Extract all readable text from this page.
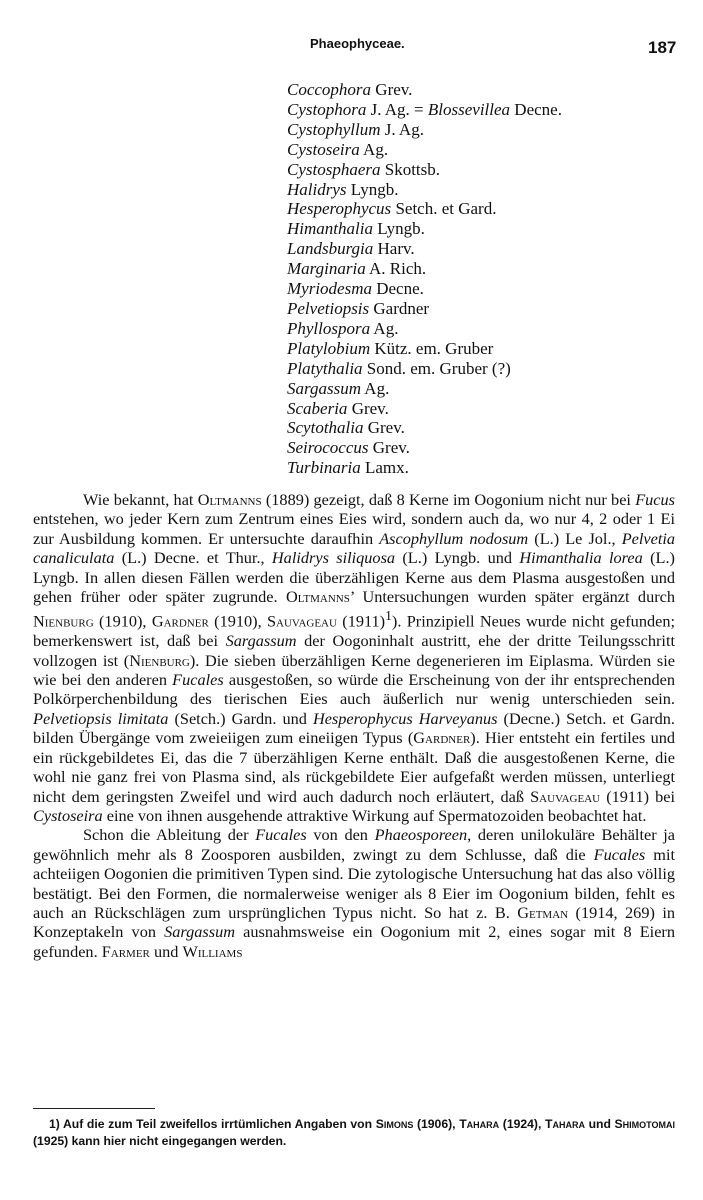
Phaeophyceae.	187
Coccophora Grev.
Cystophora J. Ag. = Blossevillea Decne.
Cystophyllum J. Ag.
Cystoseira Ag.
Cystosphaera Skottsb.
Halidrys Lyngb.
Hesperophycus Setch. et Gard.
Himanthalia Lyngb.
Landsburgia Harv.
Marginaria A. Rich.
Myriodesma Decne.
Pelvetiopsis Gardner
Phyllospora Ag.
Platylobium Kütz. em. Gruber
Platythalia Sond. em. Gruber (?)
Sargassum Ag.
Scaberia Grev.
Scytothalia Grev.
Seirococcus Grev.
Turbinaria Lamx.

Wie bekannt, hat Oltmanns (1889) gezeigt, daß 8 Kerne im Oogonium nicht nur bei Fucus entstehen, wo jeder Kern zum Zentrum eines Eies wird, sondern auch da, wo nur 4, 2 oder 1 Ei zur Ausbildung kommen. Er untersuchte daraufhin Ascophyllum nodosum (L.) Le Jol., Pelvetia canaliculata (L.) Decne. et Thur., Halidrys siliquosa (L.) Lyngb. und Himanthalia lorea (L.) Lyngb. In allen diesen Fällen werden die überzähligen Kerne aus dem Plasma ausgestoßen und gehen früher oder später zugrunde. Oltmanns’ Untersuchungen wurden später ergänzt durch Nienburg (1910), Gardner (1910), Sauvageau $(1911)^1$). Prinzipiell Neues wurde nicht gefunden; bemerkenswert ist, daß bei Sargassum der Oogoninhalt austritt, ehe der dritte Teilungsschritt vollzogen ist (Nienburg). Die sieben überzähligen Kerne degenerieren im Eiplasma. Würden sie wie bei den anderen Fucales ausgestoßen, so würde die Erscheinung von der ihr entsprechenden Polkörperchenbildung des tierischen Eies auch äußerlich nur wenig unterschieden sein. Pelvetiopsis limitata (Setch.) Gardn. und Hesperophycus Harveyanus (Decne.) Setch. et Gardn. bilden Übergänge vom zweieiigen zum eineiigen Typus (Gardner). Hier entsteht ein fertiles und ein rückgebildetes Ei, das die 7 überzähligen Kerne enthält. Daß die ausgestoßenen Kerne, die wohl nie ganz frei von Plasma sind, als rückgebildete Eier aufgefaßt werden müssen, unterliegt nicht dem geringsten Zweifel und wird auch dadurch noch erläutert, daß Sauvageau (1911) bei Cystoseira eine von ihnen ausgehende attraktive Wirkung auf Spermatozoiden beobachtet hat.

Schon die Ableitung der Fucales von den Phaeosporeen, deren unilokuläre Behälter ja gewöhnlich mehr als 8 Zoosporen ausbilden, zwingt zu dem Schlusse, daß die Fucales mit achteiigen Oogonien die primitiven Typen sind. Die zytologische Untersuchung hat das also völlig bestätigt. Bei den Formen, die normalerweise weniger als 8 Eier im Oogonium bilden, fehlt es auch an Rückschlägen zum ursprünglichen Typus nicht. So hat z. B. Getman (1914, 269) in Konzeptakeln von Sargassum ausnahmsweise ein Oogonium mit 2, eines sogar mit 8 Eiern gefunden. Farmer und Williams

1) Auf die zum Teil zweifellos irrtümlichen Angaben von Simons (1906), Tahara (1924), Tahara und Shimotomai (1925) kann hier nicht eingegangen werden.
